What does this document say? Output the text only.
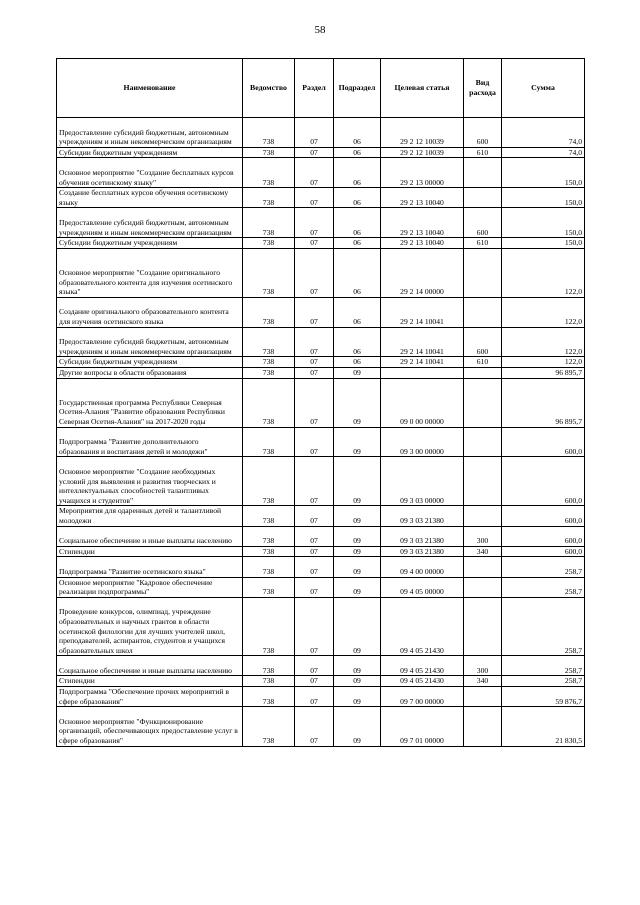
58
Наименование	Ведомство	Раздел	Подраздел	Целевая статья	Вид расхода	Сумма
Предоставление субсидий бюджетным, автономным учреждениям и иным некоммерческим организациям	738	07	06	29 2 12 10039	600	74,0
Субсидии бюджетным учреждениям	738	07	06	29 2 12 10039	610	74,0
Основное мероприятие "Создание бесплатных курсов обучения осетинскому языку"	738	07	06	29 2 13 00000		150,0
Создание бесплатных курсов обучения осетинскому языку	738	07	06	29 2 13 10040		150,0
Предоставление субсидий бюджетным, автономным учреждениям и иным некоммерческим организациям	738	07	06	29 2 13 10040	600	150,0
Субсидии бюджетным учреждениям	738	07	06	29 2 13 10040	610	150,0
Основное мероприятие "Создание оригинального образовательного контента для изучения осетинского языка"	738	07	06	29 2 14 00000		122,0
Создание оригинального образовательного контента для изучения осетинского языка	738	07	06	29 2 14 10041		122,0
Предоставление субсидий бюджетным, автономным учреждениям и иным некоммерческим организациям	738	07	06	29 2 14 10041	600	122,0
Субсидии бюджетным учреждениям	738	07	06	29 2 14 10041	610	122,0
Другие вопросы в области образования	738	07	09			96 895,7
Государственная программа Республики Северная Осетия-Алания "Развитие образования Республики Северная Осетия-Алания" на 2017-2020 годы	738	07	09	09 0 00 00000		96 895,7
Подпрограмма "Развитие дополнительного образования и воспитания детей и молодежи"	738	07	09	09 3 00 00000		600,0
Основное мероприятие "Создание необходимых условий для выявления и развития творческих и интеллектуальных способностей талантливых учащихся и студентов"	738	07	09	09 3 03 00000		600,0
Мероприятия для одаренных детей и талантливой молодежи	738	07	09	09 3 03 21380		600,0
Социальное обеспечение и иные выплаты населению	738	07	09	09 3 03 21380	300	600,0
Стипендии	738	07	09	09 3 03 21380	340	600,0
Подпрограмма "Развитие осетинского языка"	738	07	09	09 4 00 00000		258,7
Основное мероприятие "Кадровое обеспечение реализации подпрограммы"	738	07	09	09 4 05 00000		258,7
Проведение конкурсов, олимпиад, учреждение образовательных и научных грантов в области осетинской филологии для лучших учителей школ, преподавателей, аспирантов, студентов и учащихся образовательных школ	738	07	09	09 4 05 21430		258,7
Социальное обеспечение и иные выплаты населению	738	07	09	09 4 05 21430	300	258,7
Стипендии	738	07	09	09 4 05 21430	340	258,7
Подпрограмма "Обеспечение прочих мероприятий в сфере образования"	738	07	09	09 7 00 00000		59 876,7
Основное мероприятие "Функционирование организаций, обеспечивающих предоставление услуг в сфере образования"	738	07	09	09 7 01 00000		21 830,5
